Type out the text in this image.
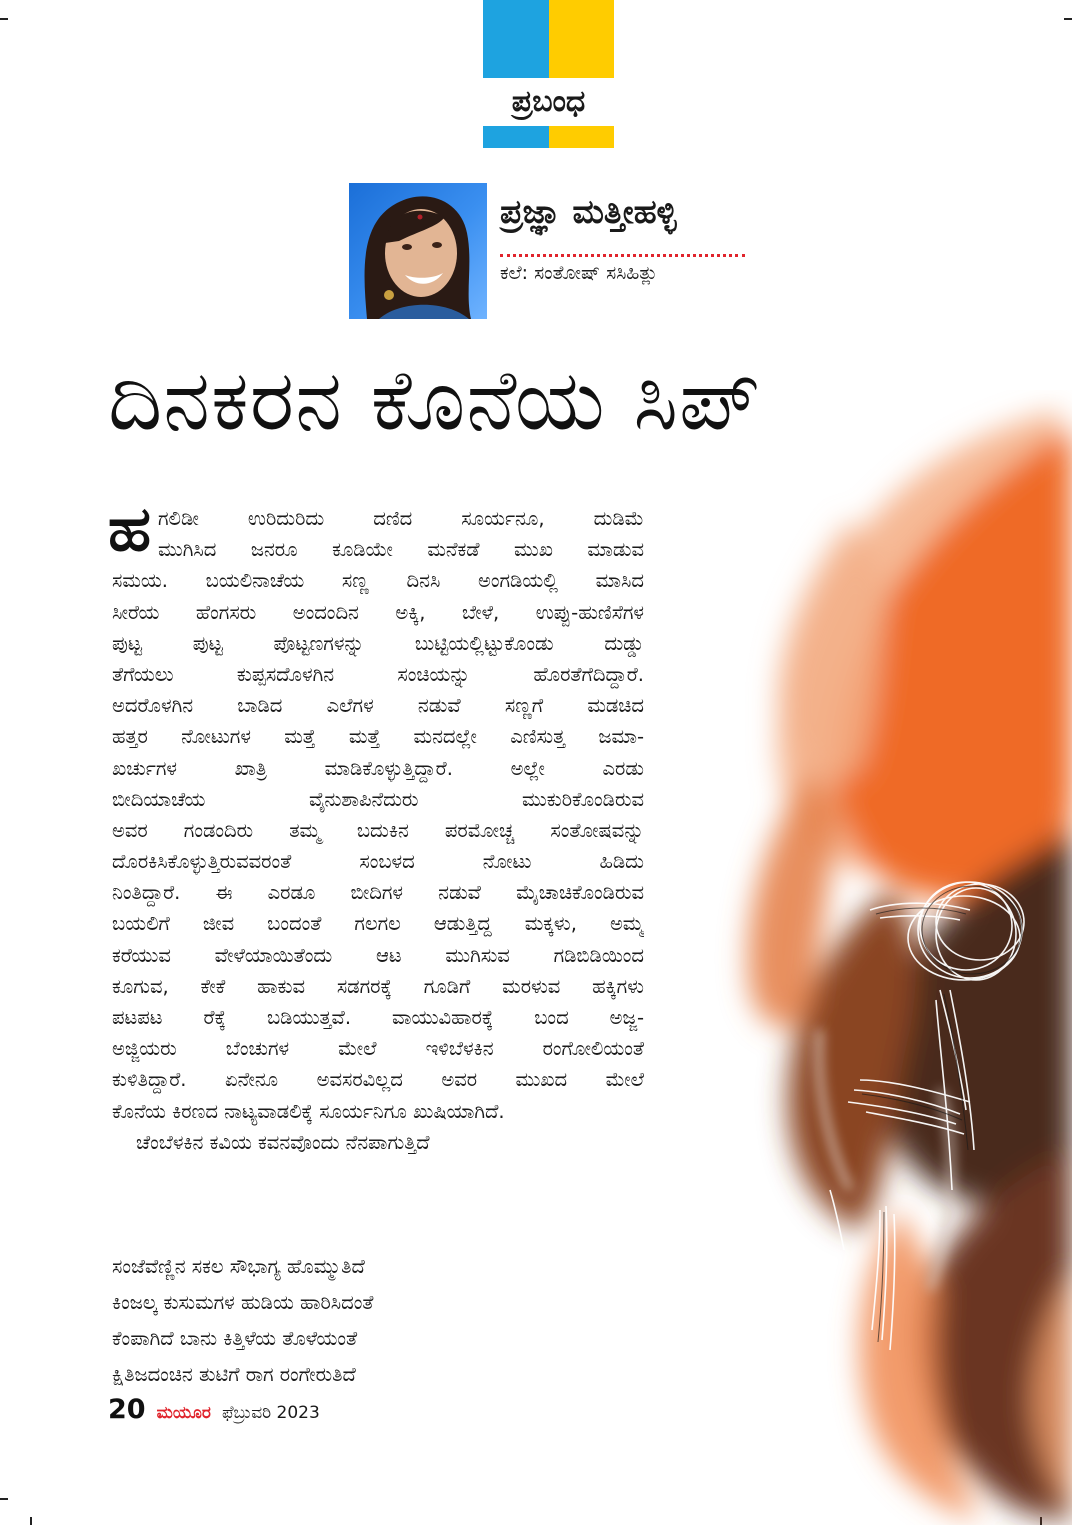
ಪ್ರಬಂಧ
ಪ್ರಜ್ಞಾ ಮತ್ತೀಹಳ್ಳಿ
ಕಲೆ: ಸಂತೋಷ್ ಸಸಿಹಿತ್ಲು
ದಿನಕರನ ಕೊನೆಯ ಸಿಪ್
ಹ ಗಲಿಡೀ ಉರಿದುರಿದು ದಣಿದ ಸೂರ್ಯನೂ, ದುಡಿಮೆ
ಮುಗಿಸಿದ ಜನರೂ ಕೂಡಿಯೇ ಮನೆಕಡೆ ಮುಖ ಮಾಡುವ
ಸಮಯ. ಬಯಲಿನಾಚೆಯ ಸಣ್ಣ ದಿನಸಿ ಅಂಗಡಿಯಲ್ಲಿ ಮಾಸಿದ
ಸೀರೆಯ ಹೆಂಗಸರು ಅಂದಂದಿನ ಅಕ್ಕಿ, ಬೇಳೆ, ಉಪ್ಪು-ಹುಣಿಸೆಗಳ
ಪುಟ್ಟ ಪುಟ್ಟ ಪೊಟ್ಟಣಗಳನ್ನು ಬುಟ್ಟಿಯಲ್ಲಿಟ್ಟುಕೊಂಡು ದುಡ್ಡು
ತೆಗೆಯಲು ಕುಪ್ಪಸದೊಳಗಿನ ಸಂಚಿಯನ್ನು ಹೊರತೆಗೆದಿದ್ದಾರೆ.
ಅದರೊಳಗಿನ ಬಾಡಿದ ಎಲೆಗಳ ನಡುವೆ ಸಣ್ಣಗೆ ಮಡಚಿದ
ಹತ್ತರ ನೋಟುಗಳ ಮತ್ತೆ ಮತ್ತೆ ಮನದಲ್ಲೇ ಎಣಿಸುತ್ತ ಜಮಾ-
ಖರ್ಚುಗಳ ಖಾತ್ರಿ ಮಾಡಿಕೊಳ್ಳುತ್ತಿದ್ದಾರೆ. ಅಲ್ಲೇ ಎರಡು
ಬೀದಿಯಾಚೆಯ ವೈನುಶಾಪಿನೆದುರು ಮುಕುರಿಕೊಂಡಿರುವ
ಅವರ ಗಂಡಂದಿರು ತಮ್ಮ ಬದುಕಿನ ಪರಮೋಚ್ಚ ಸಂತೋಷವನ್ನು
ದೊರಕಿಸಿಕೊಳ್ಳುತ್ತಿರುವವರಂತೆ ಸಂಬಳದ ನೋಟು ಹಿಡಿದು
ನಿಂತಿದ್ದಾರೆ. ಈ ಎರಡೂ ಬೀದಿಗಳ ನಡುವೆ ಮೈಚಾಚಿಕೊಂಡಿರುವ
ಬಯಲಿಗೆ ಜೀವ ಬಂದಂತೆ ಗಲಗಲ ಆಡುತ್ತಿದ್ದ ಮಕ್ಕಳು, ಅಮ್ಮ
ಕರೆಯುವ ವೇಳೆಯಾಯಿತೆಂದು ಆಟ ಮುಗಿಸುವ ಗಡಿಬಿಡಿಯಿಂದ
ಕೂಗುವ, ಕೇಕೆ ಹಾಕುವ ಸಡಗರಕ್ಕೆ ಗೂಡಿಗೆ ಮರಳುವ ಹಕ್ಕಿಗಳು
ಪಟಪಟ ರೆಕ್ಕೆ ಬಡಿಯುತ್ತವೆ. ವಾಯುವಿಹಾರಕ್ಕೆ ಬಂದ ಅಜ್ಜ-
ಅಜ್ಜಿಯರು ಬೆಂಚುಗಳ ಮೇಲೆ ಇಳಿಬೆಳಕಿನ ರಂಗೋಲಿಯಂತೆ
ಕುಳಿತಿದ್ದಾರೆ. ಏನೇನೂ ಅವಸರವಿಲ್ಲದ ಅವರ ಮುಖದ ಮೇಲೆ
ಕೊನೆಯ ಕಿರಣದ ನಾಟ್ಯವಾಡಲಿಕ್ಕೆ ಸೂರ್ಯನಿಗೂ ಖುಷಿಯಾಗಿದೆ.
ಚೆಂಬೆಳಕಿನ ಕವಿಯ ಕವನವೊಂದು ನೆನಪಾಗುತ್ತಿದೆ
ಸಂಜೆವೆಣ್ಣಿನ ಸಕಲ ಸೌಭಾಗ್ಯ ಹೊಮ್ಮುತಿದೆ
ಕಿಂಜಲ್ಕ ಕುಸುಮಗಳ ಹುಡಿಯ ಹಾರಿಸಿದಂತೆ
ಕೆಂಪಾಗಿದೆ ಬಾನು ಕಿತ್ತಿಳೆಯ ತೊಳೆಯಂತೆ
ಕ್ಷಿತಿಜದಂಚಿನ ತುಟಿಗೆ ರಾಗ ರಂಗೇರುತಿದೆ
20 ಮಯೂರ ಫೆಬ್ರುವರಿ 2023
